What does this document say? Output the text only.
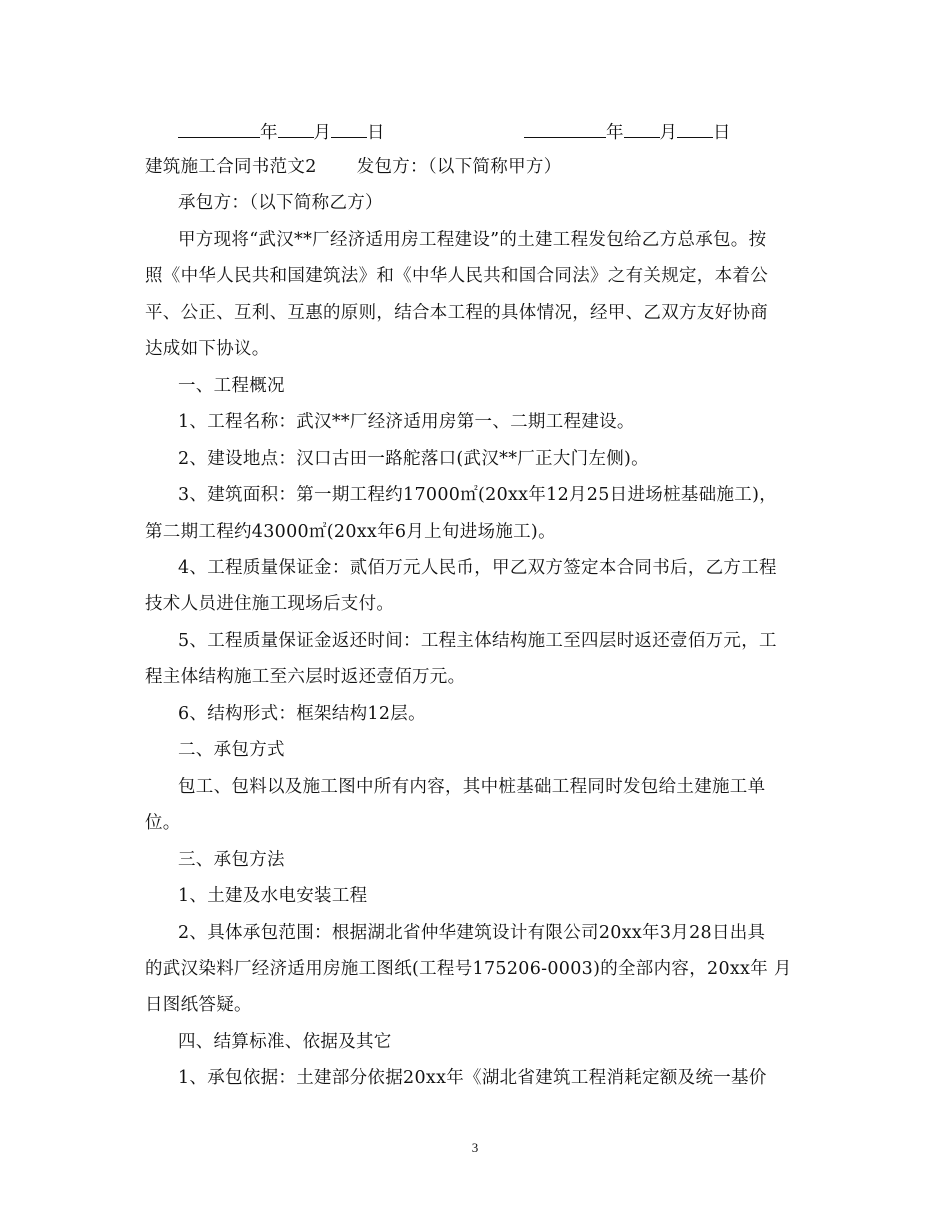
年 月 日	年 月 日
建筑施工合同书范文2 发包方：（以下简称甲方）
承包方：（以下简称乙方）
甲方现将“武汉**厂经济适用房工程建设”的土建工程发包给乙方总承包。按
照《中华人民共和国建筑法》和《中华人民共和国合同法》之有关规定，本着公
平、公正、互利、互惠的原则，结合本工程的具体情况，经甲、乙双方友好协商
达成如下协议。
一、工程概况
1、工程名称：武汉**厂经济适用房第一、二期工程建设。
2、建设地点：汉口古田一路舵落口(武汉**厂正大门左侧)。
3、建筑面积：第一期工程约17000㎡(20xx年12月25日进场桩基础施工)，
第二期工程约43000㎡(20xx年6月上旬进场施工)。
4、工程质量保证金：贰佰万元人民币，甲乙双方签定本合同书后，乙方工程
技术人员进住施工现场后支付。
5、工程质量保证金返还时间：工程主体结构施工至四层时返还壹佰万元，工
程主体结构施工至六层时返还壹佰万元。
6、结构形式：框架结构12层。
二、承包方式
包工、包料以及施工图中所有内容，其中桩基础工程同时发包给土建施工单
位。
三、承包方法
1、土建及水电安装工程
2、具体承包范围：根据湖北省仲华建筑设计有限公司20xx年3月28日出具
的武汉染料厂经济适用房施工图纸(工程号175206-0003)的全部内容，20xx年 月
日图纸答疑。
四、结算标准、依据及其它
1、承包依据：土建部分依据20xx年《湖北省建筑工程消耗定额及统一基价
3
